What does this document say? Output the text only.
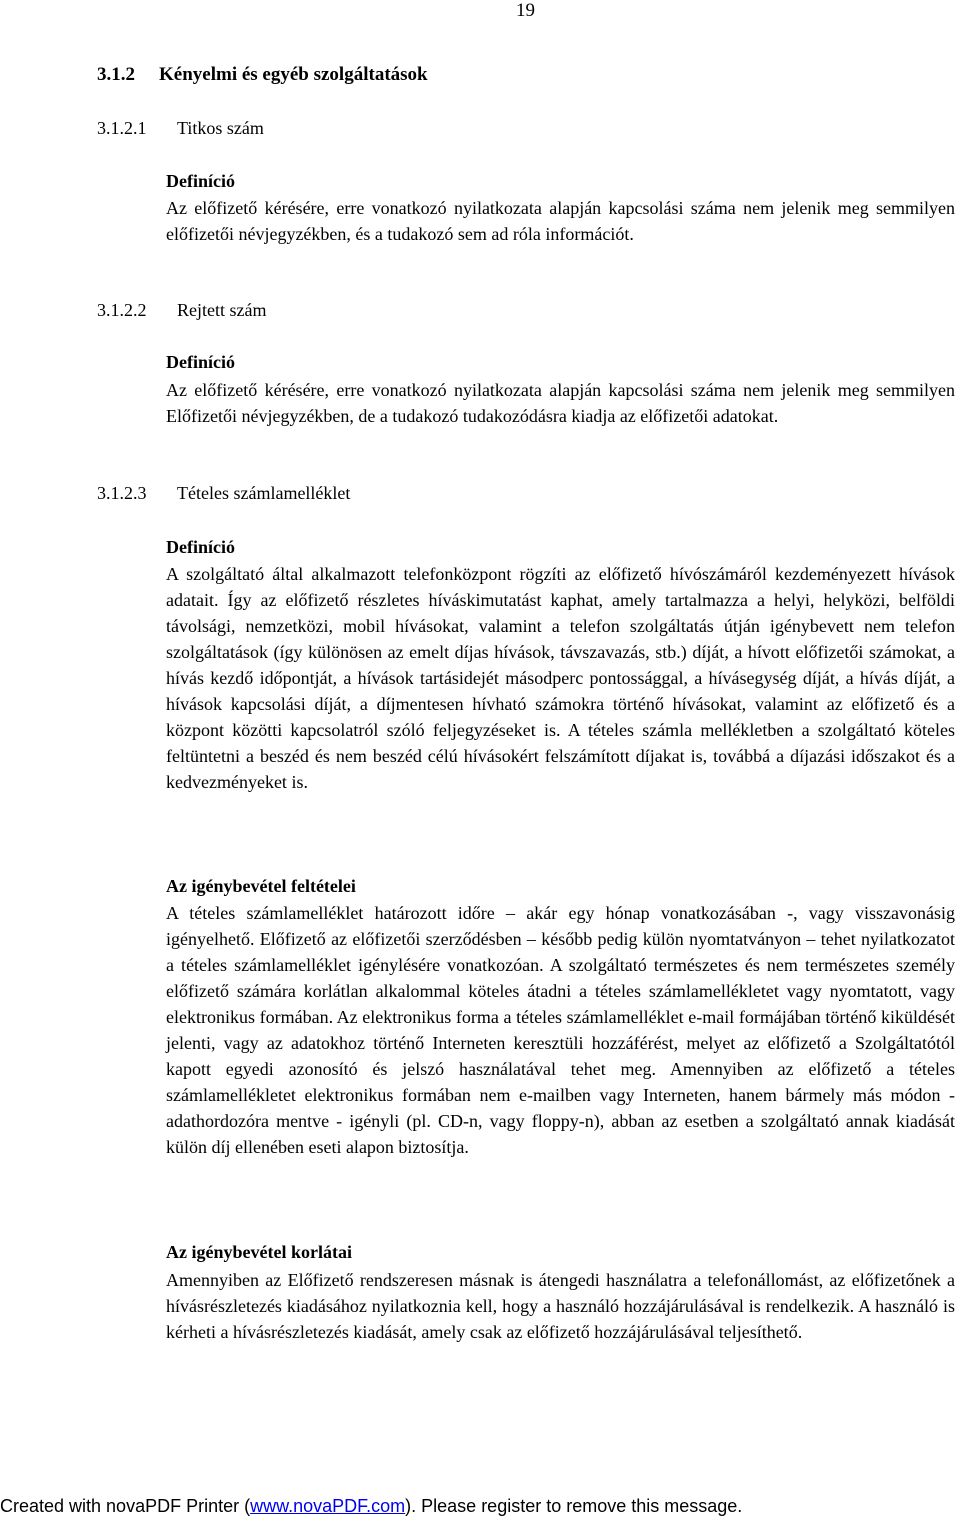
19
3.1.2 Kényelmi és egyéb szolgáltatások
3.1.2.1 Titkos szám
Definíció
Az előfizető kérésére, erre vonatkozó nyilatkozata alapján kapcsolási száma nem jelenik meg semmilyen előfizetői névjegyzékben, és a tudakozó sem ad róla információt.
3.1.2.2 Rejtett szám
Definíció
Az előfizető kérésére, erre vonatkozó nyilatkozata alapján kapcsolási száma nem jelenik meg semmilyen Előfizetői névjegyzékben, de a tudakozó tudakozódásra kiadja az előfizetői adatokat.
3.1.2.3 Tételes számlamelléklet
Definíció
A szolgáltató által alkalmazott telefonközpont rögzíti az előfizető hívószámáról kezdeményezett hívások adatait. Így az előfizető részletes híváskimutatást kaphat, amely tartalmazza a helyi, helyközi, belföldi távolsági, nemzetközi, mobil hívásokat, valamint a telefon szolgáltatás útján igénybevett nem telefon szolgáltatások (így különösen az emelt díjas hívások, távszavazás, stb.) díját, a hívott előfizetői számokat, a hívás kezdő időpontját, a hívások tartásidejét másodperc pontossággal, a hívásegység díját, a hívás díját, a hívások kapcsolási díját, a díjmentesen hívható számokra történő hívásokat, valamint az előfizető és a központ közötti kapcsolatról szóló feljegyzéseket is. A tételes számla mellékletben a szolgáltató köteles feltüntetni a beszéd és nem beszéd célú hívásokért felszámított díjakat is, továbbá a díjazási időszakot és a kedvezményeket is.
Az igénybevétel feltételei
A tételes számlamelléklet határozott időre – akár egy hónap vonatkozásában -, vagy visszavonásig igényelhető. Előfizető az előfizetői szerződésben – később pedig külön nyomtatványon – tehet nyilatkozatot a tételes számlamelléklet igénylésére vonatkozóan. A szolgáltató természetes és nem természetes személy előfizető számára korlátlan alkalommal köteles átadni a tételes számlamellékletet vagy nyomtatott, vagy elektronikus formában. Az elektronikus forma a tételes számlamelléklet e-mail formájában történő kiküldését jelenti, vagy az adatokhoz történő Interneten keresztüli hozzáférést, melyet az előfizető a Szolgáltatótól kapott egyedi azonosító és jelszó használatával tehet meg. Amennyiben az előfizető a tételes számlamellékletet elektronikus formában nem e-mailben vagy Interneten, hanem bármely más módon - adathordozóra mentve - igényli (pl. CD-n, vagy floppy-n), abban az esetben a szolgáltató annak kiadását külön díj ellenében eseti alapon biztosítja.
Az igénybevétel korlátai
Amennyiben az Előfizető rendszeresen másnak is átengedi használatra a telefonállomást, az előfizetőnek a hívásrészletezés kiadásához nyilatkoznia kell, hogy a használó hozzájárulásával is rendelkezik. A használó is kérheti a hívásrészletezés kiadását, amely csak az előfizető hozzájárulásával teljesíthető.
Created with novaPDF Printer (www.novaPDF.com). Please register to remove this message.
